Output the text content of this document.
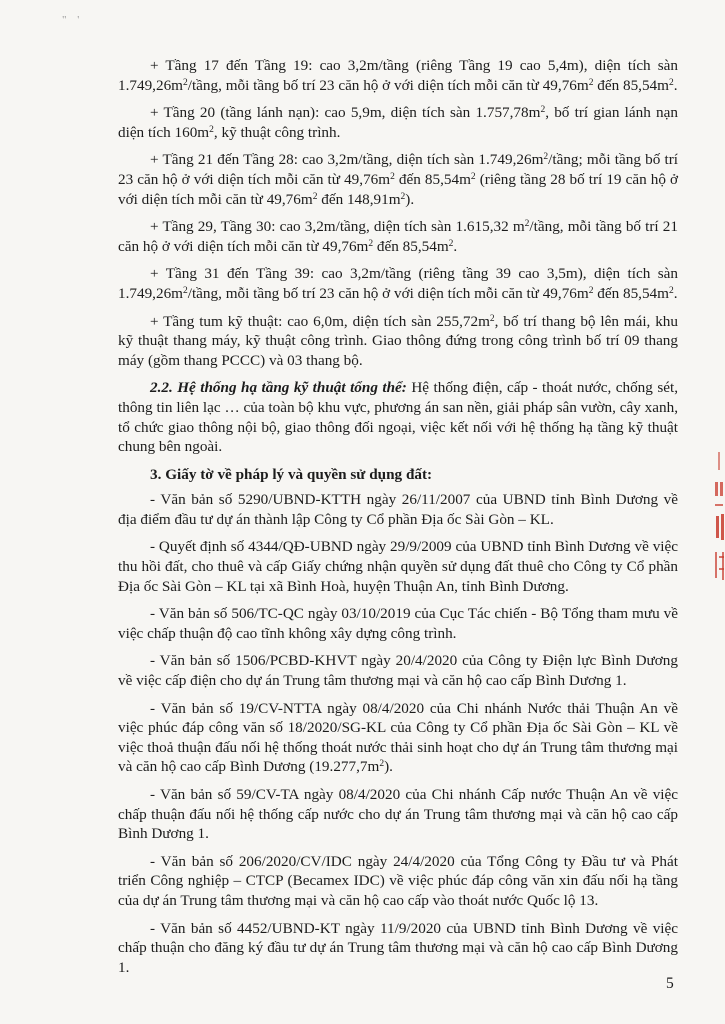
" '

+ Tầng 17 đến Tầng 19: cao 3,2m/tầng (riêng Tầng 19 cao 5,4m), diện tích sàn $1.749,26m^2$/tầng, mỗi tầng bố trí 23 căn hộ ở với diện tích mỗi căn từ $49,76m^2$ đến $85,54m^2$.

+ Tầng 20 (tầng lánh nạn): cao 5,9m, diện tích sàn $1.757,78m^2$, bố trí gian lánh nạn diện tích $160m^2$, kỹ thuật công trình.

+ Tầng 21 đến Tầng 28: cao 3,2m/tầng, diện tích sàn $1.749,26m^2$/tầng; mỗi tầng bố trí 23 căn hộ ở với diện tích mỗi căn từ $49,76m^2$ đến $85,54m^2$ (riêng tầng 28 bố trí 19 căn hộ ở với diện tích mỗi căn từ $49,76m^2$ đến $148,91m^2$).

+ Tầng 29, Tầng 30: cao 3,2m/tầng, diện tích sàn 1.615,32 $m^2$/tầng, mỗi tầng bố trí 21 căn hộ ở với diện tích mỗi căn từ $49,76m^2$ đến $85,54m^2$.

+ Tầng 31 đến Tầng 39: cao 3,2m/tầng (riêng tầng 39 cao 3,5m), diện tích sàn $1.749,26m^2$/tầng, mỗi tầng bố trí 23 căn hộ ở với diện tích mỗi căn từ $49,76m^2$ đến $85,54m^2$.

+ Tầng tum kỹ thuật: cao 6,0m, diện tích sàn $255,72m^2$, bố trí thang bộ lên mái, khu kỹ thuật thang máy, kỹ thuật công trình. Giao thông đứng trong công trình bố trí 09 thang máy (gồm thang PCCC) và 03 thang bộ.

2.2. Hệ thống hạ tầng kỹ thuật tổng thể: Hệ thống điện, cấp - thoát nước, chống sét, thông tin liên lạc … của toàn bộ khu vực, phương án san nền, giải pháp sân vườn, cây xanh, tổ chức giao thông nội bộ, giao thông đối ngoại, việc kết nối với hệ thống hạ tầng kỹ thuật chung bên ngoài.

3. Giấy tờ về pháp lý và quyền sử dụng đất:

- Văn bản số 5290/UBND-KTTH ngày 26/11/2007 của UBND tỉnh Bình Dương về địa điểm đầu tư dự án thành lập Công ty Cổ phần Địa ốc Sài Gòn – KL.

- Quyết định số 4344/QĐ-UBND ngày 29/9/2009 của UBND tỉnh Bình Dương về việc thu hồi đất, cho thuê và cấp Giấy chứng nhận quyền sử dụng đất thuê cho Công ty Cổ phần Địa ốc Sài Gòn – KL tại xã Bình Hoà, huyện Thuận An, tỉnh Bình Dương.

- Văn bản số 506/TC-QC ngày 03/10/2019 của Cục Tác chiến - Bộ Tổng tham mưu về việc chấp thuận độ cao tĩnh không xây dựng công trình.

- Văn bản số 1506/PCBD-KHVT ngày 20/4/2020 của Công ty Điện lực Bình Dương về việc cấp điện cho dự án Trung tâm thương mại và căn hộ cao cấp Bình Dương 1.

- Văn bản số 19/CV-NTTA ngày 08/4/2020 của Chi nhánh Nước thải Thuận An về việc phúc đáp công văn số 18/2020/SG-KL của Công ty Cổ phần Địa ốc Sài Gòn – KL về việc thoả thuận đấu nối hệ thống thoát nước thải sinh hoạt cho dự án Trung tâm thương mại và căn hộ cao cấp Bình Dương $(19.277,7m^2)$.

- Văn bản số 59/CV-TA ngày 08/4/2020 của Chi nhánh Cấp nước Thuận An về việc chấp thuận đấu nối hệ thống cấp nước cho dự án Trung tâm thương mại và căn hộ cao cấp Bình Dương 1.

- Văn bản số 206/2020/CV/IDC ngày 24/4/2020 của Tổng Công ty Đầu tư và Phát triển Công nghiệp – CTCP (Becamex IDC) về việc phúc đáp công văn xin đấu nối hạ tầng của dự án Trung tâm thương mại và căn hộ cao cấp vào thoát nước Quốc lộ 13.

- Văn bản số 4452/UBND-KT ngày 11/9/2020 của UBND tỉnh Bình Dương về việc chấp thuận cho đăng ký đầu tư dự án Trung tâm thương mại và căn hộ cao cấp Bình Dương 1.

5
